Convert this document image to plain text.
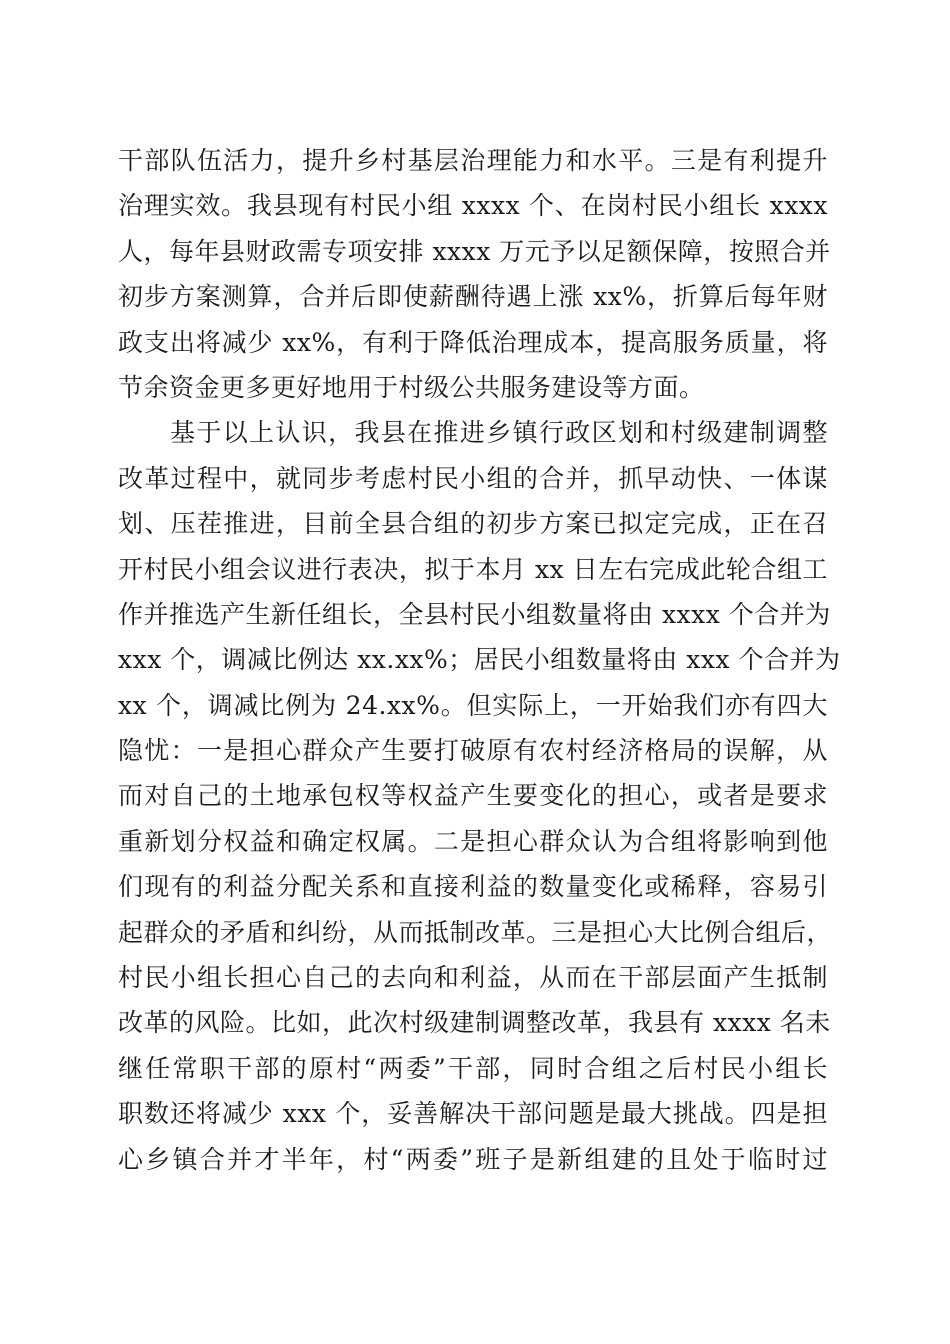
干部队伍活力，提升乡村基层治理能力和水平。三是有利提升
治理实效。我县现有村民小组 xxxx 个、在岗村民小组长 xxxx
人，每年县财政需专项安排 xxxx 万元予以足额保障，按照合并
初步方案测算，合并后即使薪酬待遇上涨 xx%，折算后每年财
政支出将减少 xx%，有利于降低治理成本，提高服务质量，将
节余资金更多更好地用于村级公共服务建设等方面。
基于以上认识，我县在推进乡镇行政区划和村级建制调整
改革过程中，就同步考虑村民小组的合并，抓早动快、一体谋
划、压茬推进，目前全县合组的初步方案已拟定完成，正在召
开村民小组会议进行表决，拟于本月 xx 日左右完成此轮合组工
作并推选产生新任组长，全县村民小组数量将由 xxxx 个合并为
xxx 个，调减比例达 xx.xx%；居民小组数量将由 xxx 个合并为
xx 个，调减比例为 24.xx%。但实际上，一开始我们亦有四大
隐忧：一是担心群众产生要打破原有农村经济格局的误解，从
而对自己的土地承包权等权益产生要变化的担心，或者是要求
重新划分权益和确定权属。二是担心群众认为合组将影响到他
们现有的利益分配关系和直接利益的数量变化或稀释，容易引
起群众的矛盾和纠纷，从而抵制改革。三是担心大比例合组后，
村民小组长担心自己的去向和利益，从而在干部层面产生抵制
改革的风险。比如，此次村级建制调整改革，我县有 xxxx 名未
继任常职干部的原村“两委”干部，同时合组之后村民小组长
职数还将减少 xxx 个，妥善解决干部问题是最大挑战。四是担
心乡镇合并才半年，村“两委”班子是新组建的且处于临时过
